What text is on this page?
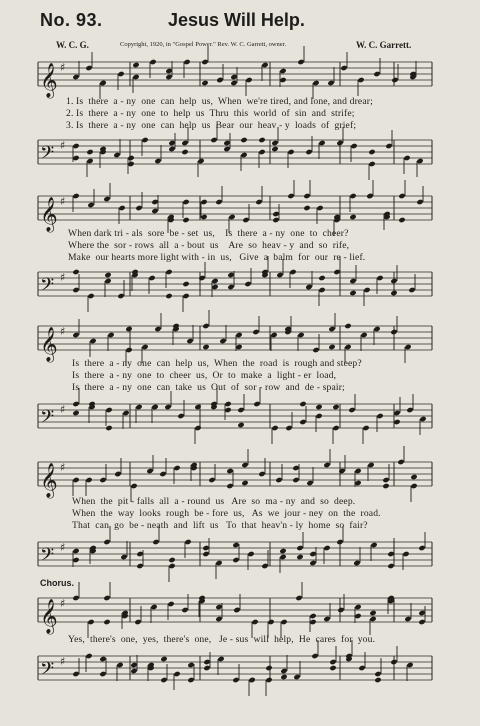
No. 93.	Jesus Will Help.
W. C. G.	Copyright, 1920, in "Gospel Power." Rev. W. C. Garrett, owner.	W. C. Garrett.
𝄞 ♯
1. Is  there  a - ny  one  can  help  us,  When  we're tired, and lone, and drear;
2. Is  there  a - ny  one  to  help  us  Thru  this  world  of  sin  and  strife;
3. Is  there  a - ny  one  can  help  us  Bear  our  heav - y  loads  of  grief;
𝄢 ♯
𝄞 ♯
When dark tri - als  sore  be - set  us,    Is  there  a - ny  one  to  cheer?
Where the  sor - rows  all  a - bout  us    Are  so  heav - y  and  so  rife,
Make  our hearts more light with - in  us,   Give  a  balm  for  our  re - lief.
𝄢 ♯
𝄞 ♯
Is  there  a - ny  one  can  help  us,  When  the  road  is  rough and steep?
Is  there  a - ny  one  to  cheer  us,  Or  to  make  a  light - er  load,
Is  there  a - ny  one  can  take  us  Out  of  sor - row  and  de - spair;
𝄢 ♯
𝄞 ♯
When  the  pit - falls  all  a - round  us   Are  so  ma - ny  and  so  deep.
When  the  way  looks  rough  be - fore  us,   As  we  jour - ney  on  the  road.
That  can  go  be - neath  and  lift  us   To  that  heav'n - ly  home  so  fair?
𝄢 ♯
Chorus.
𝄞 ♯
Yes,  there's  one,  yes,  there's  one,   Je - sus  will  help,  He  cares  for  you.
𝄢 ♯
